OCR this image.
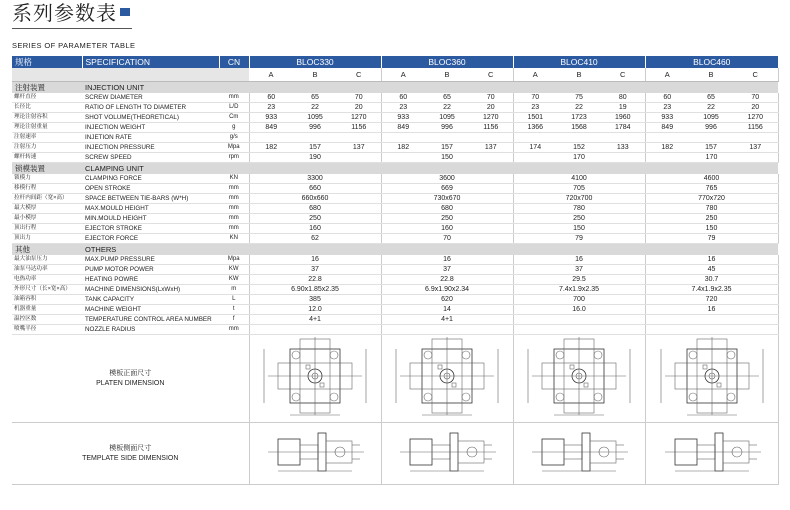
系列参数表
SERIES OF PARAMETER TABLE
规格	SPECIFICATION	CN	BLOC330			BLOC360			BLOC410			BLOC460		
			A	B	C	A	B	C	A	B	C	A	B	C
注射装置	INJECTION UNIT													
螺杆直径	SCREW DIAMETER	mm	60	65	70	60	65	70	70	75	80	60	65	70
长径比	RATIO OF LENGTH TO DIAMETER	L/D	23	22	20	23	22	20	23	22	19	23	22	20
理论注射容积	SHOT VOLUME(THEORETICAL)	Cm	933	1095	1270	933	1095	1270	1501	1723	1960	933	1095	1270
理论注射重量	INJECTION WEIGHT	g	849	996	1156	849	996	1156	1366	1568	1784	849	996	1156
注射速率	INJETION RATE	g/s												
注射压力	INJECTION PRESSURE	Mpa	182	157	137	182	157	137	174	152	133	182	157	137
螺杆转速	SCREW SPEED	rpm	190			150			170			170		
锁模装置	CLAMPING UNIT													
锁模力	CLAMPING FORCE	KN	3300			3600			4100			4600		
移模行程	OPEN STROKE	mm	660			669			705			765		
拉杆内间距（宽×高）	SPACE BETWEEN TIE-BARS (W*H)	mm	660x660			730x670			720x700			770x720		
最大模厚	MAX.MOULD HEIGHT	mm	680			680			780			780		
最小模厚	MIN.MOULD HEIGHT	mm	250			250			250			250		
顶出行程	EJECTOR STROKE	mm	160			160			150			150		
顶出力	EJECTOR FORCE	KN	62			70			79			79		
其他	OTHERS													
最大油泵压力	MAX.PUMP PRESSURE	Mpa	16			16			16			16		
油泵马达功率	PUMP MOTOR POWER	KW	37			37			37			45		
电热功率	HEATING POWRE	KW	22.8			22.8			29.5			30.7		
外形尺寸（长×宽×高）	MACHINE DIMENSIONS(LxWxH)	m	6.90x1.85x2.35			6.9x1.90x2.34			7.4x1.9x2.35			7.4x1.9x2.35		
油箱容积	TANK CAPACITY	L	385			620			700			720		
机器重量	MACHINE WEIGHT	t	12.0			14			16.0			16		
温控区数	TEMPERATURE CONTROL AREA NUMBER	f	4+1			4+1								
喷嘴半径	NOZZLE RADIUS	mm												

模板正面尺寸
PLATEN DIMENSION

模板侧面尺寸
TEMPLATE SIDE DIMENSION
